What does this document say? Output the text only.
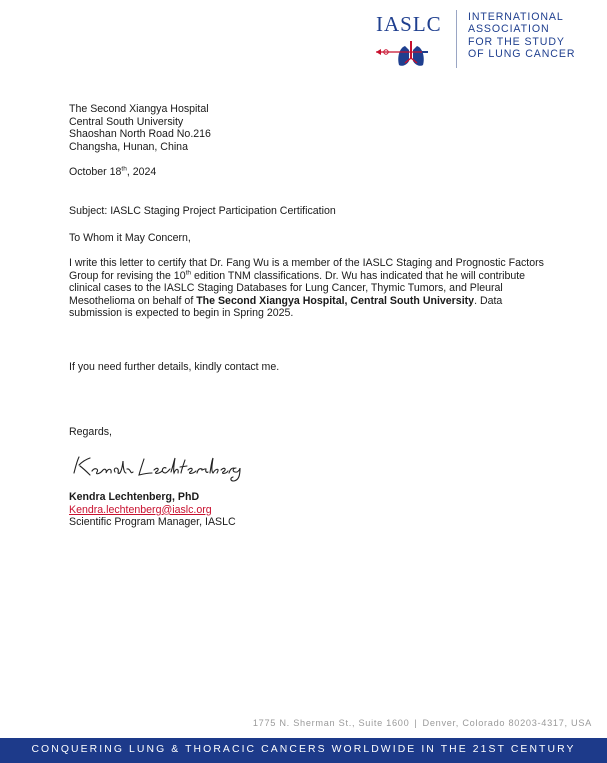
IASLC INTERNATIONAL
ASSOCIATION
FOR THE STUDY
OF LUNG CANCER
The Second Xiangya Hospital
Central South University
Shaoshan North Road No.216
Changsha, Hunan, China
October 18th, 2024
Subject: IASLC Staging Project Participation Certification
To Whom it May Concern,
I write this letter to certify that Dr. Fang Wu is a member of the IASLC Staging and Prognostic Factors Group for revising the 10th edition TNM classifications. Dr. Wu has indicated that he will contribute clinical cases to the IASLC Staging Databases for Lung Cancer, Thymic Tumors, and Pleural Mesothelioma on behalf of The Second Xiangya Hospital, Central South University. Data submission is expected to begin in Spring 2025.
If you need further details, kindly contact me.
Regards,
Kendra Lechtenberg, PhD
Kendra.lechtenberg@iaslc.org
Scientific Program Manager, IASLC
1775 N. Sherman St., Suite 1600 | Denver, Colorado 80203-4317, USA
CONQUERING LUNG & THORACIC CANCERS WORLDWIDE IN THE 21ST CENTURY
